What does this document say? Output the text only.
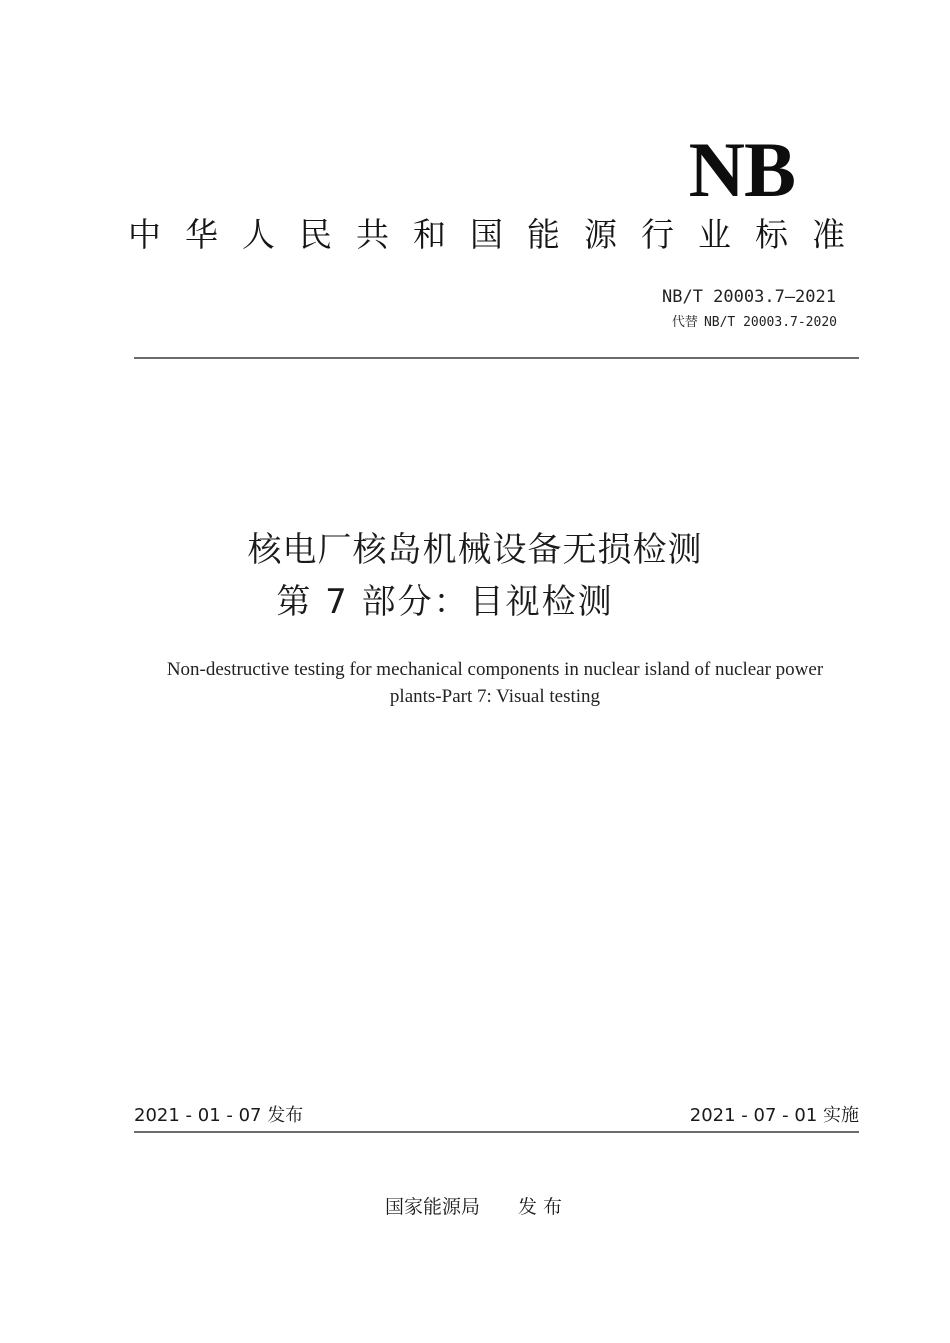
NB
中华人民共和国能源行业标准
NB/T 20003.7—2021
代替 NB/T 20003.7-2020
核电厂核岛机械设备无损检测
第 7 部分：目视检测
Non-destructive testing for mechanical components in nuclear island of nuclear power plants-Part 7: Visual testing
2021 - 01 - 07 发布	2021 - 07 - 01 实施
国家能源局　　发 布
